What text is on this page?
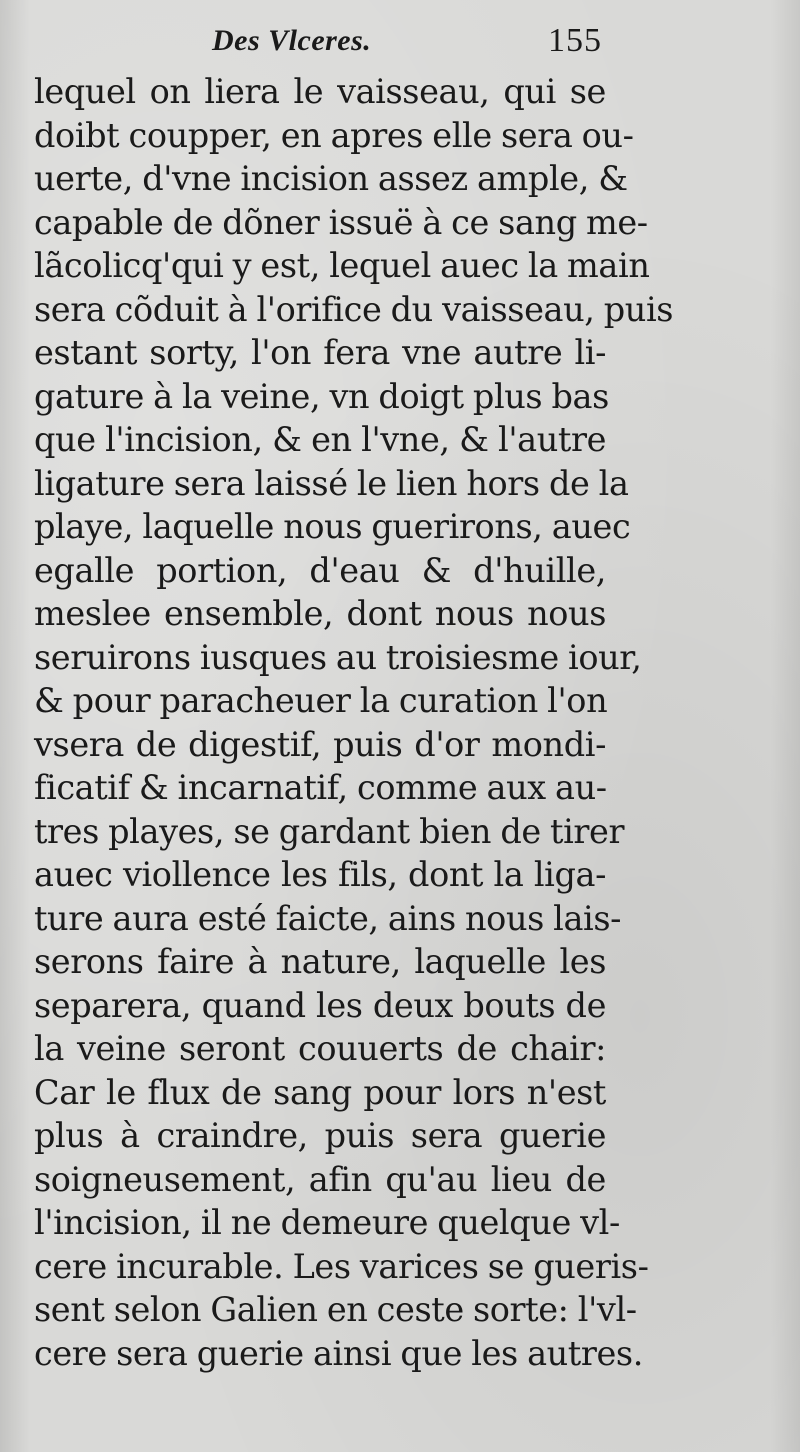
Des Vlceres.	155
lequel on liera le vaisseau, qui se
doibt coupper, en apres elle sera ou-
uerte, d'vne incision assez ample, &
capable de dõner issuë à ce sang me-
lãcolicq'qui y est, lequel auec la main
sera cõduit à l'orifice du vaisseau, puis
estant sorty, l'on fera vne autre li-
gature à la veine, vn doigt plus bas
que l'incision, & en l'vne, & l'autre
ligature sera laissé le lien hors de la
playe, laquelle nous guerirons, auec
egalle portion, d'eau & d'huille,
meslee ensemble, dont nous nous
seruirons iusques au troisiesme iour,
& pour paracheuer la curation l'on
vsera de digestif, puis d'or mondi-
ficatif & incarnatif, comme aux au-
tres playes, se gardant bien de tirer
auec viollence les fils, dont la liga-
ture aura esté faicte, ains nous lais-
serons faire à nature, laquelle les
separera, quand les deux bouts de
la veine seront couuerts de chair:
Car le flux de sang pour lors n'est
plus à craindre, puis sera guerie
soigneusement, afin qu'au lieu de
l'incision, il ne demeure quelque vl-
cere incurable. Les varices se gueris-
sent selon Galien en ceste sorte: l'vl-
cere sera guerie ainsi que les autres.
